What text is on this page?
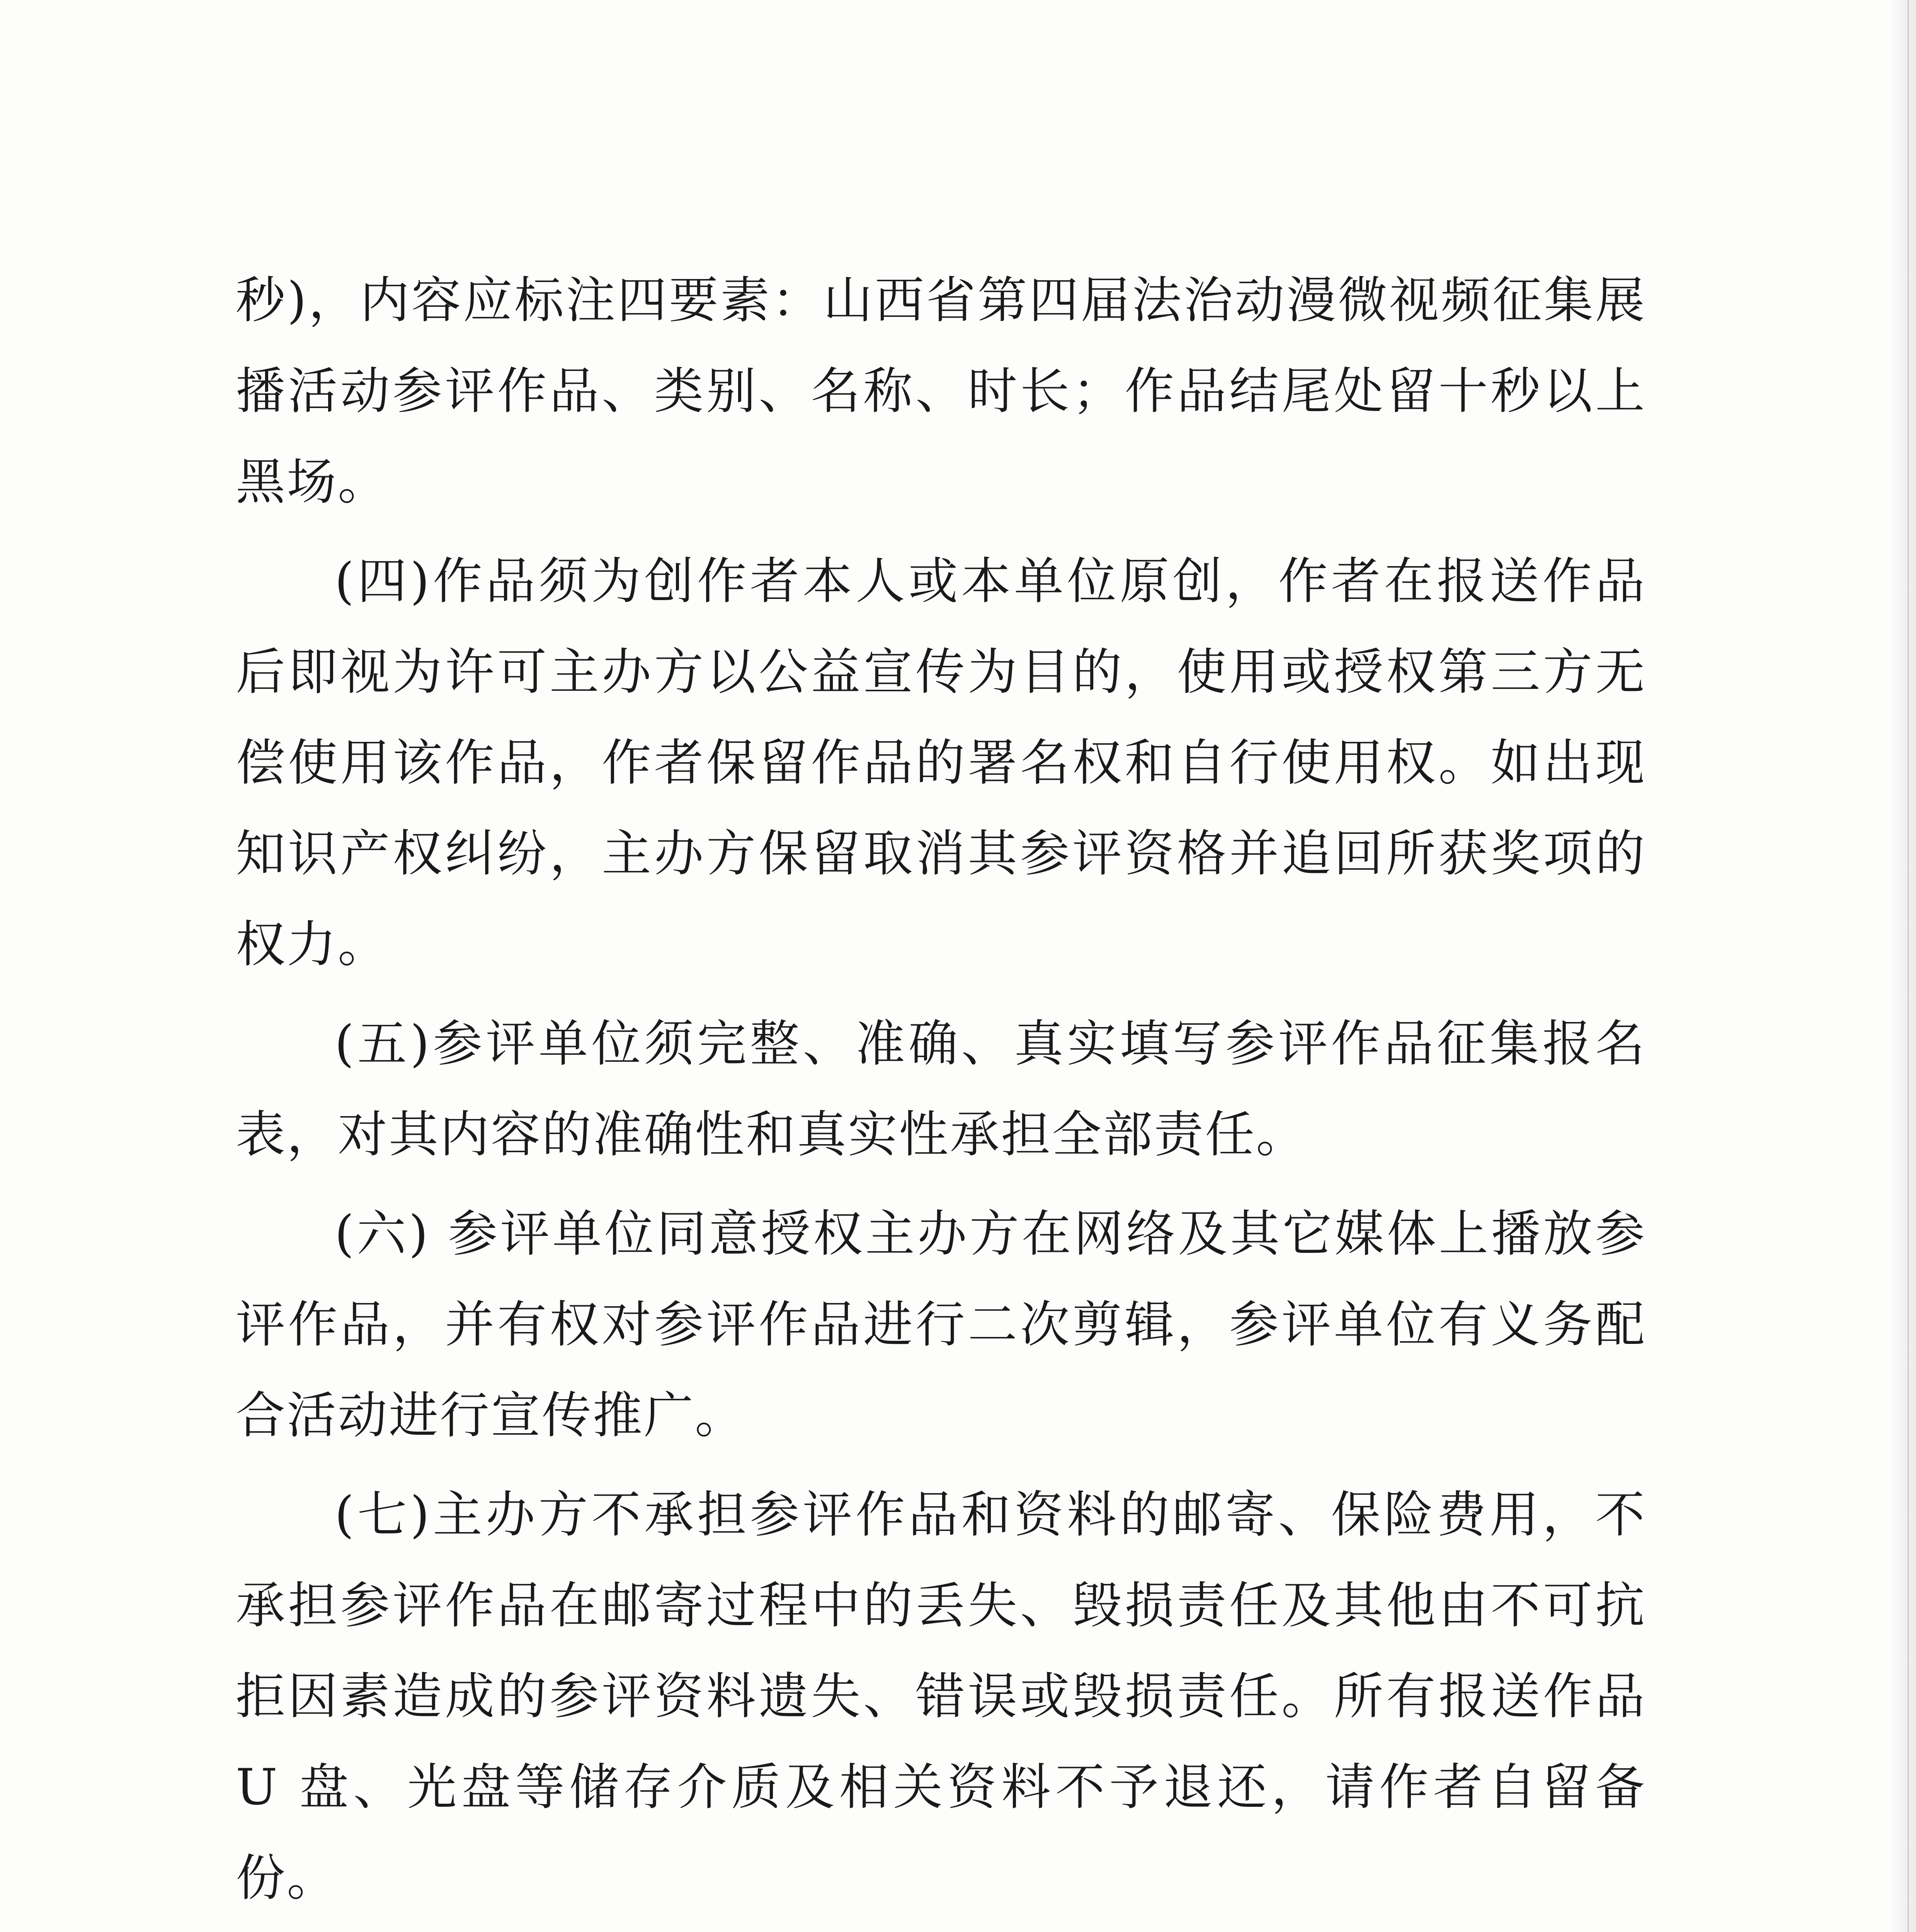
秒)，内容应标注四要素：山西省第四届法治动漫微视频征集展播活动参评作品、类别、名称、时长；作品结尾处留十秒以上黑场。

(四)作品须为创作者本人或本单位原创，作者在报送作品后即视为许可主办方以公益宣传为目的，使用或授权第三方无偿使用该作品，作者保留作品的署名权和自行使用权。如出现知识产权纠纷，主办方保留取消其参评资格并追回所获奖项的权力。

(五)参评单位须完整、准确、真实填写参评作品征集报名表，对其内容的准确性和真实性承担全部责任。

(六) 参评单位同意授权主办方在网络及其它媒体上播放参评作品，并有权对参评作品进行二次剪辑，参评单位有义务配合活动进行宣传推广。

(七)主办方不承担参评作品和资料的邮寄、保险费用，不承担参评作品在邮寄过程中的丢失、毁损责任及其他由不可抗拒因素造成的参评资料遗失、错误或毁损责任。所有报送作品 U 盘、光盘等储存介质及相关资料不予退还，请作者自留备份。
